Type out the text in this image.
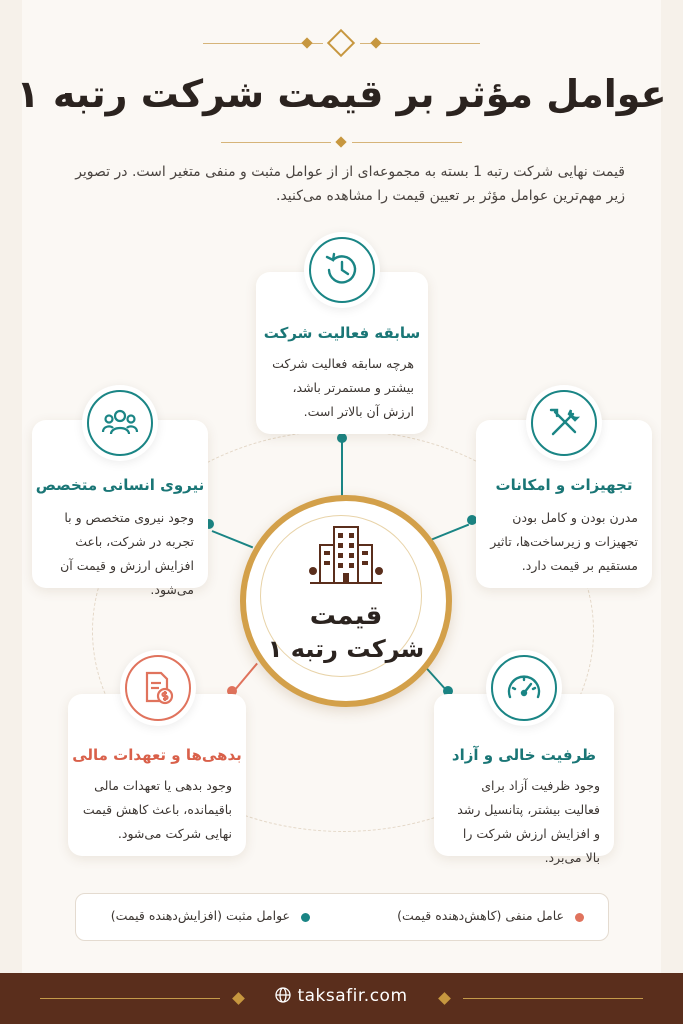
عوامل مؤثر بر قیمت شرکت رتبه ۱
قیمت نهایی شرکت رتبه 1 بسته به مجموعه‌ای از از عوامل مثبت و منفی متغیر است. در تصویر زیر مهم‌ترین عوامل مؤثر بر تعیین قیمت را مشاهده می‌کنید.
قیمت
شرکت رتبه ۱
سابقه فعالیت شرکت
هرچه سابقه فعالیت شرکت بیشتر و مستمرتر باشد، ارزش آن بالاتر است.
نیروی انسانی متخصص
وجود نیروی متخصص و با تجربه در شرکت، باعث افزایش ارزش و قیمت آن می‌شود.
تجهیزات و امکانات
مدرن بودن و کامل بودن تجهیزات و زیرساخت‌ها، تاثیر مستقیم بر قیمت دارد.
بدهی‌ها و تعهدات مالی
وجود بدهی یا تعهدات مالی باقیمانده، باعث کاهش قیمت نهایی شرکت می‌شود.
ظرفیت خالی و آزاد
وجود ظرفیت آزاد برای فعالیت بیشتر، پتانسیل رشد و افزایش ارزش شرکت را بالا می‌برد.
عوامل مثبت (افزایش‌دهنده قیمت)	عامل منفی (کاهش‌دهنده قیمت)
taksafir.com
